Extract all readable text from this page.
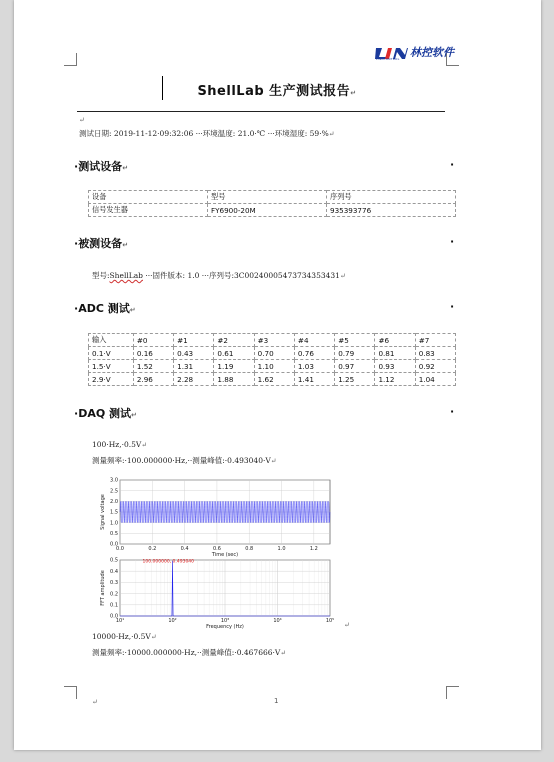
LINKCONTROL 林控软件
ShellLab 生产测试报告↵
↵
测试日期: 2019-11-12·09:32:06 ···环境温度: 21.0·℃ ···环境湿度: 59·%↵
·测试设备↵	·
设备	型号	序列号
信号发生器	FY6900-20M	935393776
·被测设备↵	·
型号:ShellLab ···固件版本: 1.0 ···序列号:3C00240005473734353431↵
·ADC 测试↵	·
输入	#0	#1	#2	#3	#4	#5	#6	#7
0.1·V	0.16	0.43	0.61	0.70	0.76	0.79	0.81	0.83
1.5·V	1.52	1.31	1.19	1.10	1.03	0.97	0.93	0.92
2.9·V	2.96	2.28	1.88	1.62	1.41	1.25	1.12	1.04
·DAQ 测试↵	·
100·Hz,·0.5V↵
测量频率:·100.000000·Hz,··测量峰值:·0.493040·V↵
0.0	0.2	0.4	0.6	0.8	1.0	1.2
0.0
0.5
1.0
1.5
2.0
2.5
3.0
Time (sec)
Signal voltage
10¹	10²	10³	10⁴	10⁵
0.0
0.1
0.2
0.3
0.4
0.5	100.000000, 0.493040
Frequency (Hz)
FFT amplitude
↵
10000·Hz,·0.5V↵
测量频率:·10000.000000·Hz,··测量峰值:·0.467666·V↵
↵	1
